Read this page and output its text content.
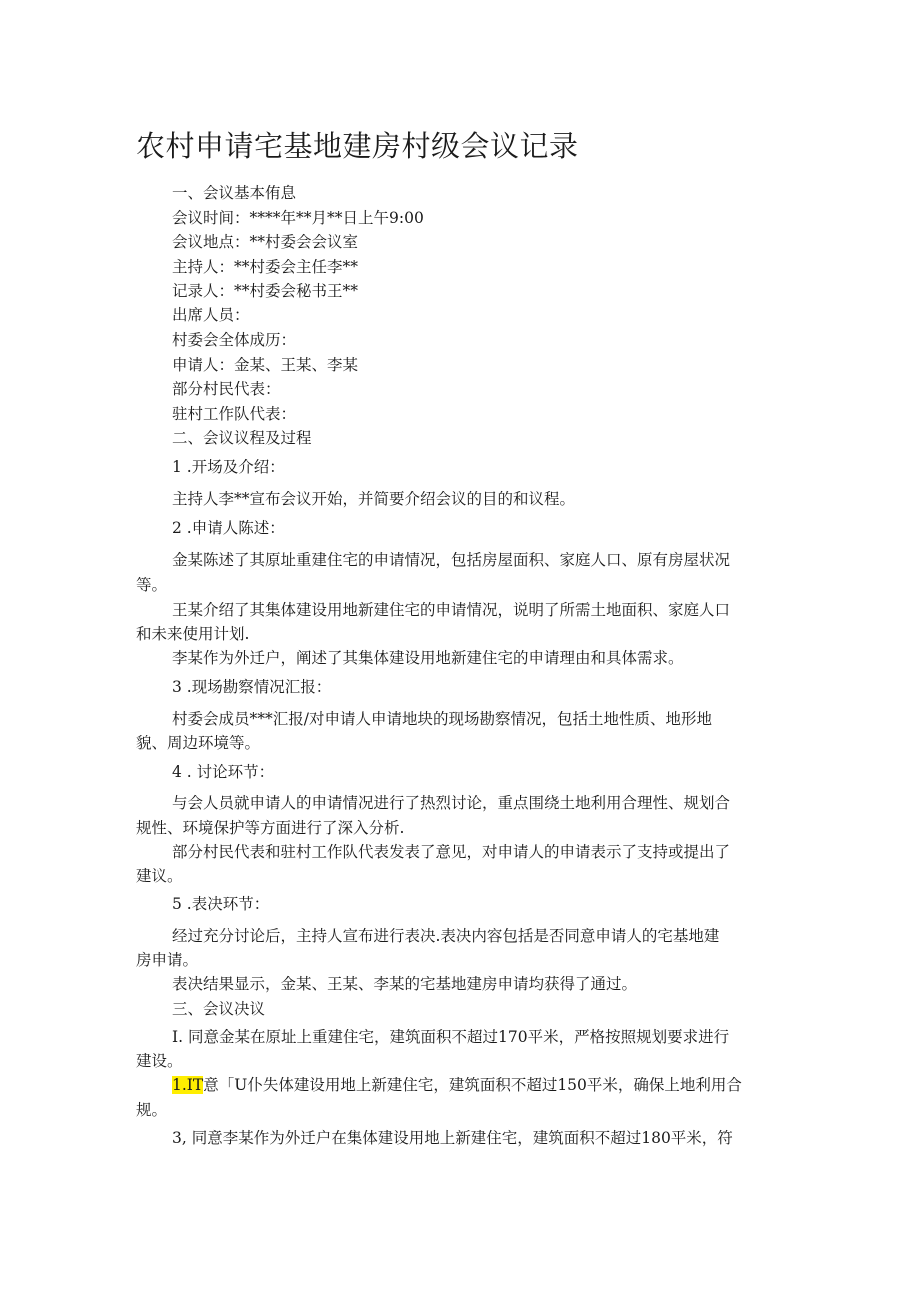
农村申请宅基地建房村级会议记录
一、会议基本侑息
会议时间：****年**月**日上午9:00
会议地点：**村委会会议室
主持人：**村委会主任李**
记录人：**村委会秘书王**
出席人员：
村委会全体成历：
申请人：金某、王某、李某
部分村民代表：
驻村工作队代表：
二、会议议程及过程
1 .开场及介绍：
主持人李**宣布会议开始，并简要介绍会议的目的和议程。
2 .申请人陈述：
金某陈述了其原址重建住宅的申请情况，包括房屋面积、家庭人口、原有房屋状况
等。
王某介绍了其集体建设用地新建住宅的申请情况，说明了所需土地面积、家庭人口
和未来使用计划.
李某作为外迁户，阐述了其集体建设用地新建住宅的申请理由和具体需求。
3 .现场勘察情况汇报：
村委会成员***汇报/对申请人申请地块的现场勘察情况，包括土地性质、地形地
貌、周边环境等。
4 . 讨论环节：
与会人员就申请人的申请情况进行了热烈讨论，重点围绕土地利用合理性、规划合
规性、环境保护等方面进行了深入分析.
部分村民代表和驻村工作队代表发表了意见，对申请人的申请表示了支持或提出了
建议。
5 .表决环节：
经过充分讨论后，主持人宣布进行表决.表决内容包括是否同意申请人的宅基地建
房申请。
表决结果显示，金某、王某、李某的宅基地建房申请均获得了通过。
三、会议决议
I. 同意金某在原址上重建住宅，建筑面积不超过170平米，严格按照规划要求进行
建设。
1.IT意「U仆失体建设用地上新建住宅，建筑面积不超过150平米，确保上地利用合
规。
3, 同意李某作为外迁户在集体建设用地上新建住宅，建筑面积不超过180平米，符
